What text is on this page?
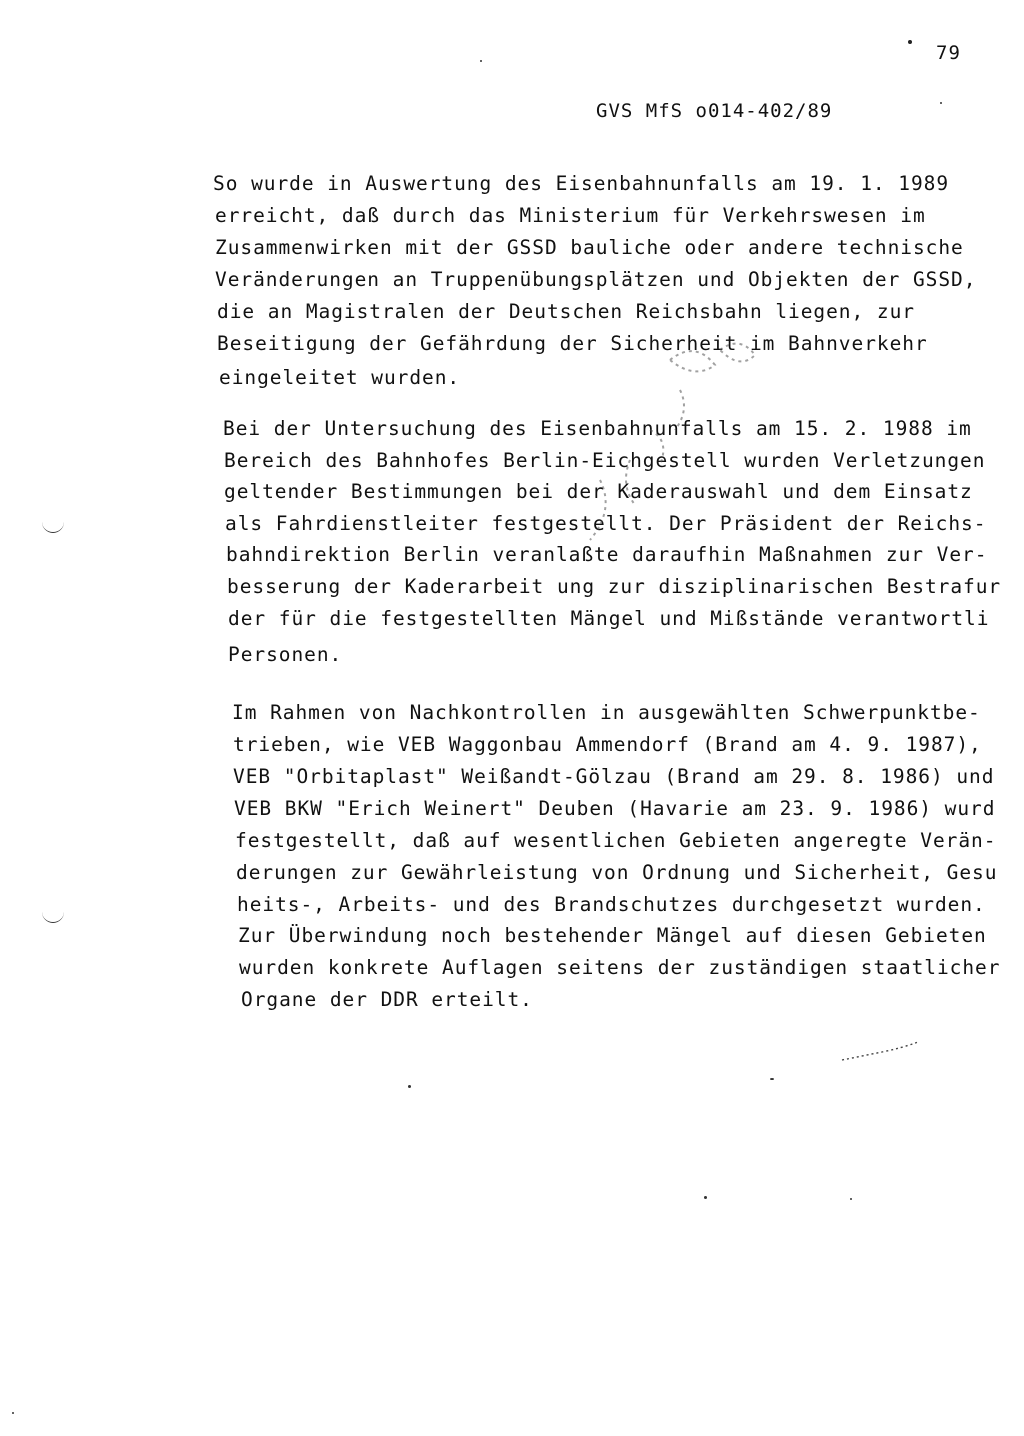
79
GVS MfS o014-402/89
So wurde in Auswertung des Eisenbahnunfalls am 19. 1. 1989
erreicht, daß durch das Ministerium für Verkehrswesen im
Zusammenwirken mit der GSSD bauliche oder andere technische
Veränderungen an Truppenübungsplätzen und Objekten der GSSD,
die an Magistralen der Deutschen Reichsbahn liegen, zur
Beseitigung der Gefährdung der Sicherheit im Bahnverkehr
eingeleitet wurden.
Bei der Untersuchung des Eisenbahnunfalls am 15. 2. 1988 im
Bereich des Bahnhofes Berlin-Eichgestell wurden Verletzungen
geltender Bestimmungen bei der Kaderauswahl und dem Einsatz
als Fahrdienstleiter festgestellt. Der Präsident der Reichs-
bahndirektion Berlin veranlaßte daraufhin Maßnahmen zur Ver-
besserung der Kaderarbeit ung zur disziplinarischen Bestrafur
der für die festgestellten Mängel und Mißstände verantwortli
Personen.
Im Rahmen von Nachkontrollen in ausgewählten Schwerpunktbe-
trieben, wie VEB Waggonbau Ammendorf (Brand am 4. 9. 1987),
VEB "Orbitaplast" Weißandt-Gölzau (Brand am 29. 8. 1986) und
VEB BKW "Erich Weinert" Deuben (Havarie am 23. 9. 1986) wurd
festgestellt, daß auf wesentlichen Gebieten angeregte Verän-
derungen zur Gewährleistung von Ordnung und Sicherheit, Gesu
heits-, Arbeits- und des Brandschutzes durchgesetzt wurden.
Zur Überwindung noch bestehender Mängel auf diesen Gebieten
wurden konkrete Auflagen seitens der zuständigen staatlicher
Organe der DDR erteilt.
